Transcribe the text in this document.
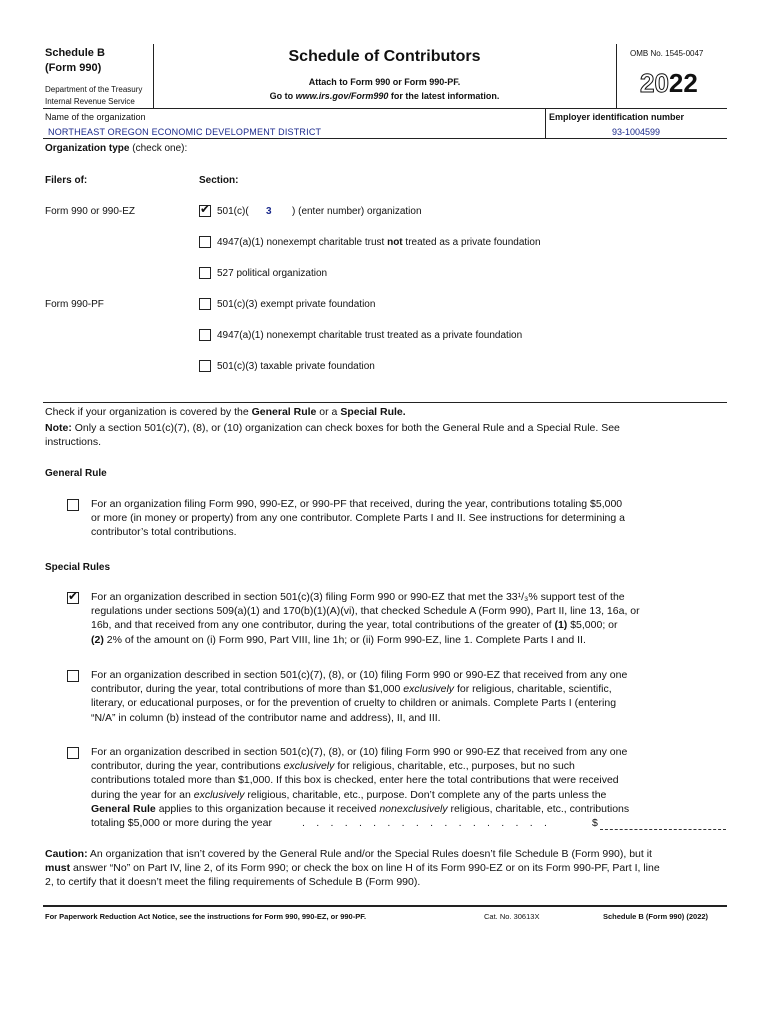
Schedule B
(Form 990)
Department of the Treasury
Internal Revenue Service
Schedule of Contributors
Attach to Form 990 or Form 990-PF.
Go to www.irs.gov/Form990 for the latest information.
OMB No. 1545-0047
2022
Name of the organization	Employer identification number
NORTHEAST OREGON ECONOMIC DEVELOPMENT DISTRICT	93-1004599
Organization type (check one):
Filers of:	Section:
Form 990 or 990-EZ	✔ 501(c)( 3 ) (enter number) organization
4947(a)(1) nonexempt charitable trust not treated as a private foundation
527 political organization
Form 990-PF	501(c)(3) exempt private foundation
4947(a)(1) nonexempt charitable trust treated as a private foundation
501(c)(3) taxable private foundation
Check if your organization is covered by the General Rule or a Special Rule.
Note: Only a section 501(c)(7), (8), or (10) organization can check boxes for both the General Rule and a Special Rule. See
instructions.
General Rule
For an organization filing Form 990, 990-EZ, or 990-PF that received, during the year, contributions totaling $5,000
or more (in money or property) from any one contributor. Complete Parts I and II. See instructions for determining a
contributor’s total contributions.
Special Rules
✔ For an organization described in section 501(c)(3) filing Form 990 or 990-EZ that met the 33¹/₃% support test of the
regulations under sections 509(a)(1) and 170(b)(1)(A)(vi), that checked Schedule A (Form 990), Part II, line 13, 16a, or
16b, and that received from any one contributor, during the year, total contributions of the greater of (1) $5,000; or
(2) 2% of the amount on (i) Form 990, Part VIII, line 1h; or (ii) Form 990-EZ, line 1. Complete Parts I and II.
For an organization described in section 501(c)(7), (8), or (10) filing Form 990 or 990-EZ that received from any one
contributor, during the year, total contributions of more than $1,000 exclusively for religious, charitable, scientific,
literary, or educational purposes, or for the prevention of cruelty to children or animals. Complete Parts I (entering
“N/A” in column (b) instead of the contributor name and address), II, and III.
For an organization described in section 501(c)(7), (8), or (10) filing Form 990 or 990-EZ that received from any one
contributor, during the year, contributions exclusively for religious, charitable, etc., purposes, but no such
contributions totaled more than $1,000. If this box is checked, enter here the total contributions that were received
during the year for an exclusively religious, charitable, etc., purpose. Don’t complete any of the parts unless the
General Rule applies to this organization because it received nonexclusively religious, charitable, etc., contributions
totaling $5,000 or more during the year	. . . . . . . . . . . . . . . . . .	$
Caution: An organization that isn’t covered by the General Rule and/or the Special Rules doesn’t file Schedule B (Form 990), but it
must answer “No” on Part IV, line 2, of its Form 990; or check the box on line H of its Form 990-EZ or on its Form 990-PF, Part I, line
2, to certify that it doesn’t meet the filing requirements of Schedule B (Form 990).
For Paperwork Reduction Act Notice, see the instructions for Form 990, 990-EZ, or 990-PF.	Cat. No. 30613X	Schedule B (Form 990) (2022)
